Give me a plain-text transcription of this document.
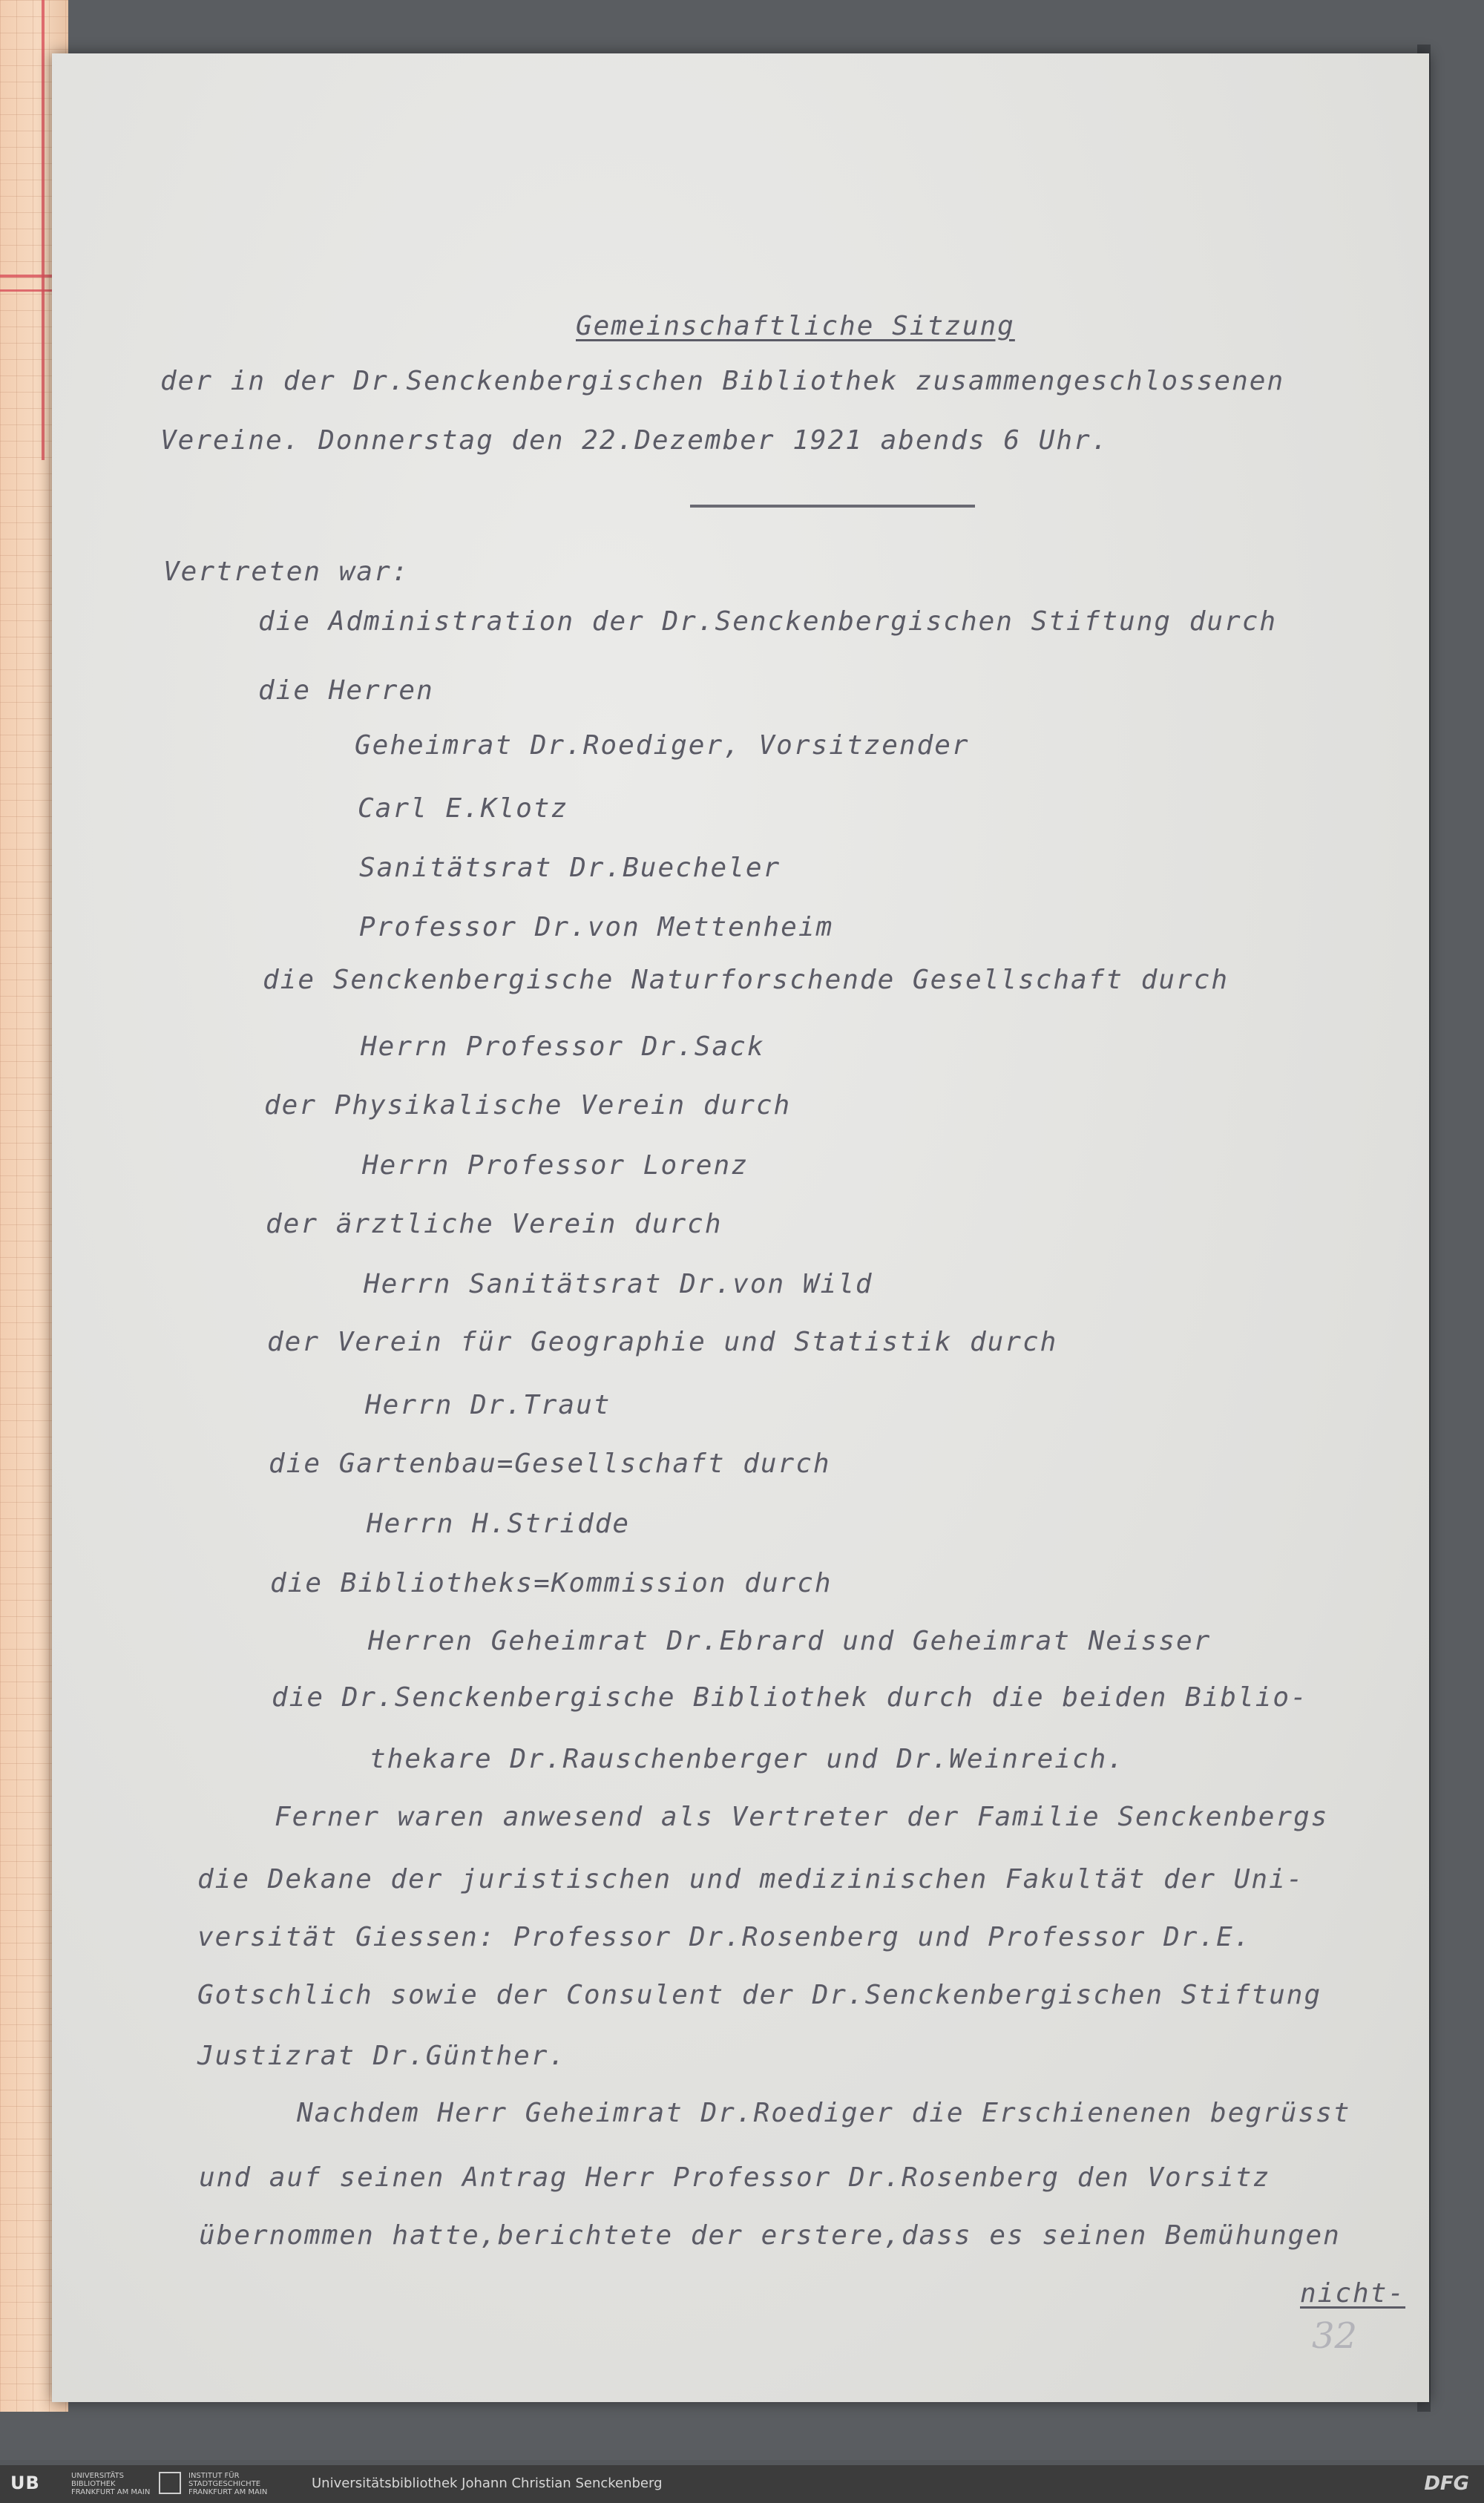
Gemeinschaftliche Sitzung
der in der Dr.Senckenbergischen Bibliothek zusammengeschlossenen
Vereine. Donnerstag den 22.Dezember 1921 abends 6 Uhr.
Vertreten war:
die Administration der Dr.Senckenbergischen Stiftung durch
die Herren
Geheimrat Dr.Roediger, Vorsitzender
Carl E.Klotz
Sanitätsrat Dr.Buecheler
Professor Dr.von Mettenheim
die Senckenbergische Naturforschende Gesellschaft durch
Herrn Professor Dr.Sack
der Physikalische Verein durch
Herrn Professor Lorenz
der ärztliche Verein durch
Herrn Sanitätsrat Dr.von Wild
der Verein für Geographie und Statistik durch
Herrn Dr.Traut
die Gartenbau=Gesellschaft durch
Herrn H.Stridde
die Bibliotheks=Kommission durch
Herren Geheimrat Dr.Ebrard und Geheimrat Neisser
die Dr.Senckenbergische Bibliothek durch die beiden Biblio-
thekare Dr.Rauschenberger und Dr.Weinreich.
Ferner waren anwesend als Vertreter der Familie Senckenbergs
die Dekane der juristischen und medizinischen Fakultät der Uni-
versität Giessen: Professor Dr.Rosenberg und Professor Dr.E.
Gotschlich sowie der Consulent der Dr.Senckenbergischen Stiftung
Justizrat Dr.Günther.
Nachdem Herr Geheimrat Dr.Roediger die Erschienenen begrüsst
und auf seinen Antrag Herr Professor Dr.Rosenberg den Vorsitz
übernommen hatte,berichtete der erstere,dass es seinen Bemühungen
nicht-
32
UB	UNIVERSITÄTS BIBLIOTHEK FRANKFURT AM MAIN
INSTITUT FÜR STADTGESCHICHTE FRANKFURT AM MAIN
Universitätsbibliothek Johann Christian Senckenberg	DFG
